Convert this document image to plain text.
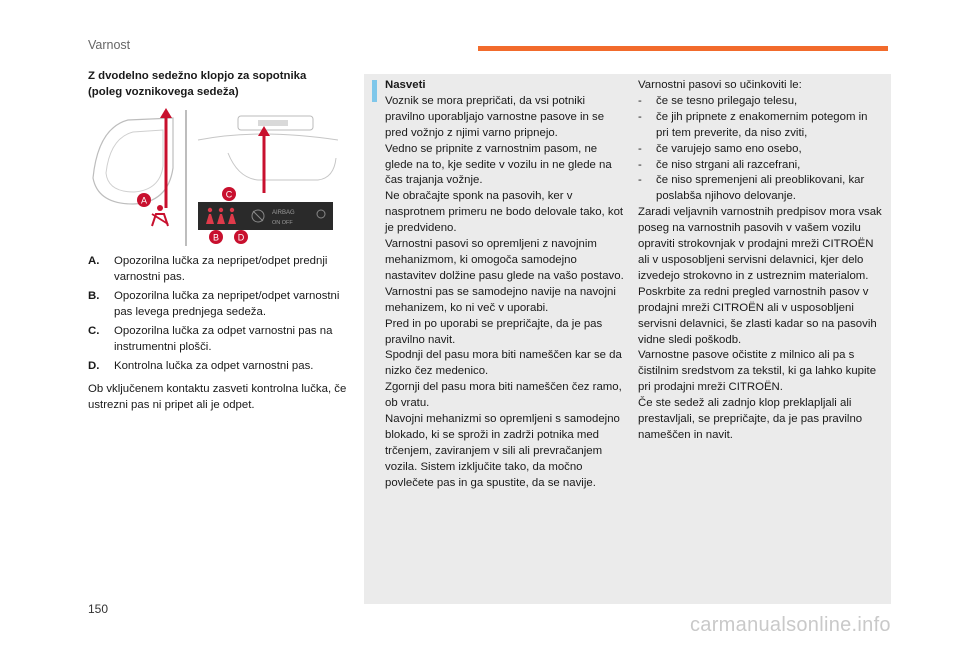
Varnost
Z dvodelno sedežno klopjo za sopotnika (poleg voznikovega sedeža)
AIRBAG
ON OFF
A
C
B D
A.	Opozorilna lučka za nepripet/odpet prednji varnostni pas.
B.	Opozorilna lučka za nepripet/odpet varnostni pas levega prednjega sedeža.
C.	Opozorilna lučka za odpet varnostni pas na instrumentni plošči.
D.	Kontrolna lučka za odpet varnostni pas.
Ob vključenem kontaktu zasveti kontrolna lučka, če ustrezni pas ni pripet ali je odpet.

Nasveti

Voznik se mora prepričati, da vsi potniki pravilno uporabljajo varnostne pasove in se pred vožnjo z njimi varno pripnejo.

Vedno se pripnite z varnostnim pasom, ne glede na to, kje sedite v vozilu in ne glede na čas trajanja vožnje.

Ne obračajte sponk na pasovih, ker v nasprotnem primeru ne bodo delovale tako, kot je predvideno.

Varnostni pasovi so opremljeni z navojnim mehanizmom, ki omogoča samodejno nastavitev dolžine pasu glede na vašo postavo. Varnostni pas se samodejno navije na navojni mehanizem, ko ni več v uporabi.

Pred in po uporabi se prepričajte, da je pas pravilno navit.

Spodnji del pasu mora biti nameščen kar se da nizko čez medenico.

Zgornji del pasu mora biti nameščen čez ramo, ob vratu.

Navojni mehanizmi so opremljeni s samodejno blokado, ki se sproži in zadrži potnika med trčenjem, zaviranjem v sili ali prevračanjem vozila. Sistem izključite tako, da močno povlečete pas in ga spustite, da se navije.

Varnostni pasovi so učinkoviti le:

-	če se tesno prilegajo telesu,
-	če jih pripnete z enakomernim potegom in pri tem preverite, da niso zviti,
-	če varujejo samo eno osebo,
-	če niso strgani ali razcefrani,
-	če niso spremenjeni ali preoblikovani, kar poslabša njihovo delovanje.

Zaradi veljavnih varnostnih predpisov mora vsak poseg na varnostnih pasovih v vašem vozilu opraviti strokovnjak v prodajni mreži CITROËN ali v usposobljeni servisni delavnici, kjer delo izvedejo strokovno in z ustreznim materialom.

Poskrbite za redni pregled varnostnih pasov v prodajni mreži CITROËN ali v usposobljeni servisni delavnici, še zlasti kadar so na pasovih vidne sledi poškodb.

Varnostne pasove očistite z milnico ali pa s čistilnim sredstvom za tekstil, ki ga lahko kupite pri prodajni mreži CITROËN.

Če ste sedež ali zadnjo klop preklapljali ali prestavljali, se prepričajte, da je pas pravilno nameščen in navit.

150
carmanualsonline.info
